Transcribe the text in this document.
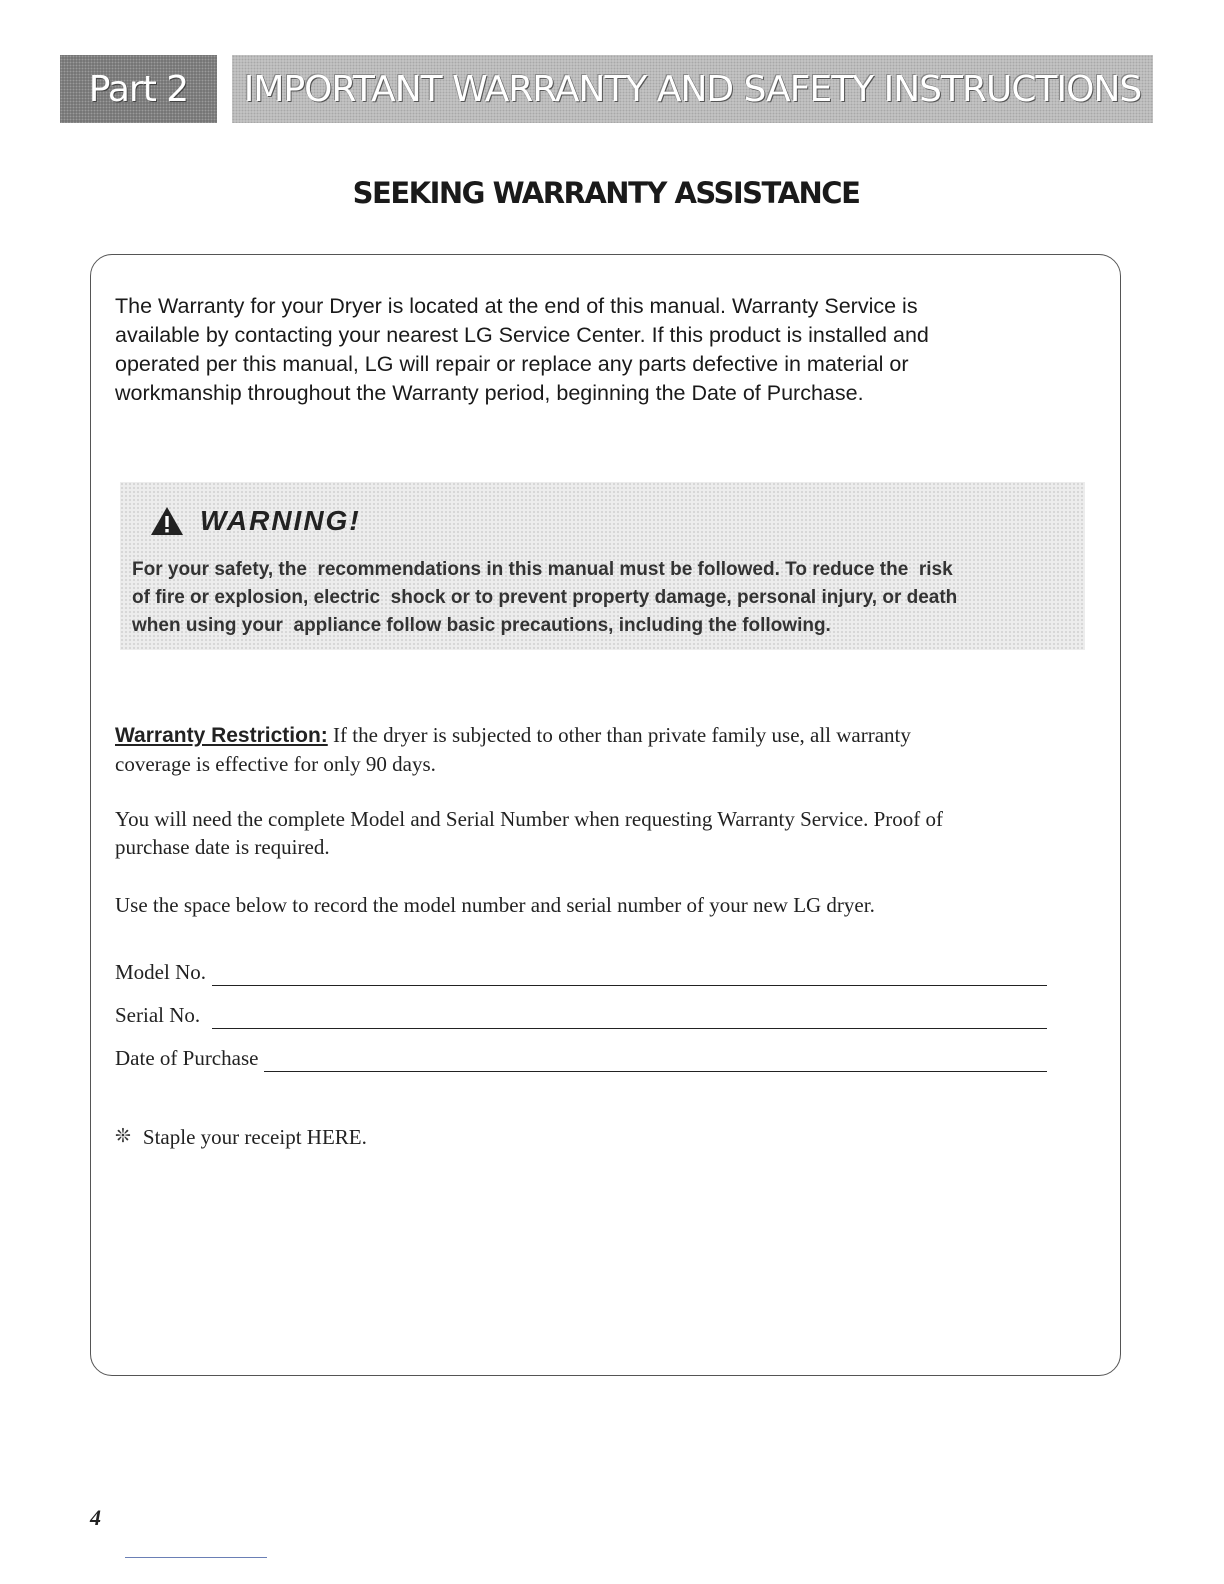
Part 2 IMPORTANT WARRANTY AND SAFETY INSTRUCTIONS
SEEKING WARRANTY ASSISTANCE
The Warranty for your Dryer is located at the end of this manual. Warranty Service is
available by contacting your nearest LG Service Center. If this product is installed and
operated per this manual, LG will repair or replace any parts defective in material or
workmanship throughout the Warranty period, beginning the Date of Purchase.
WARNING!
For your safety, the  recommendations in this manual must be followed. To reduce the  risk
of fire or explosion, electric  shock or to prevent property damage, personal injury, or death
when using your  appliance follow basic precautions, including the following.
Warranty Restriction: If the dryer is subjected to other than private family use, all warranty
coverage is effective for only 90 days.
You will need the complete Model and Serial Number when requesting Warranty Service. Proof of
purchase date is required.
Use the space below to record the model number and serial number of your new LG dryer.
Model No.
Serial No.
Date of Purchase
❊ Staple your receipt HERE.
4
